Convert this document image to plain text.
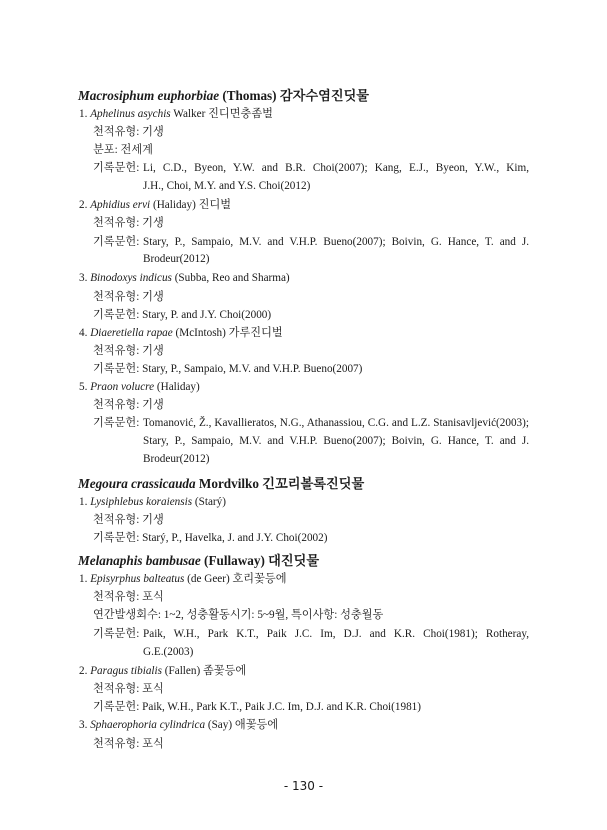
Macrosiphum euphorbiae (Thomas) 감자수염진딧물
1. Aphelinus asychis Walker 진디면충좀벌
천적유형: 기생
분포: 전세계
기록문헌: Li, C.D., Byeon, Y.W. and B.R. Choi(2007); Kang, E.J., Byeon, Y.W., Kim,
J.H., Choi, M.Y. and Y.S. Choi(2012)
2. Aphidius ervi (Haliday) 진디벌
천적유형: 기생
기록문헌: Stary, P., Sampaio, M.V. and V.H.P. Bueno(2007); Boivin, G. Hance, T. and J.
Brodeur(2012)
3. Binodoxys indicus (Subba, Reo and Sharma)
천적유형: 기생
기록문헌: Stary, P. and J.Y. Choi(2000)
4. Diaeretiella rapae (McIntosh) 가루진디벌
천적유형: 기생
기록문헌: Stary, P., Sampaio, M.V. and V.H.P. Bueno(2007)
5. Praon volucre (Haliday)
천적유형: 기생
기록문헌: Tomanović, Ž., Kavallieratos, N.G., Athanassiou, C.G. and L.Z. Stanisavljević(2003);
Stary, P., Sampaio, M.V. and V.H.P. Bueno(2007); Boivin, G. Hance, T. and J.
Brodeur(2012)
Megoura crassicauda Mordvilko 긴꼬리볼록진딧물
1. Lysiphlebus koraiensis (Starý)
천적유형: 기생
기록문헌: Starý, P., Havelka, J. and J.Y. Choi(2002)
Melanaphis bambusae (Fullaway) 대진딧물
1. Episyrphus balteatus (de Geer) 호리꽃등에
천적유형: 포식
연간발생회수: 1~2, 성충활동시기: 5~9월, 특이사항: 성충월동
기록문헌: Paik, W.H., Park K.T., Paik J.C. Im, D.J. and K.R. Choi(1981); Rotheray,
G.E.(2003)
2. Paragus tibialis (Fallen) 좀꽃등에
천적유형: 포식
기록문헌: Paik, W.H., Park K.T., Paik J.C. Im, D.J. and K.R. Choi(1981)
3. Sphaerophoria cylindrica (Say) 애꽃등에
천적유형: 포식
- 130 -
